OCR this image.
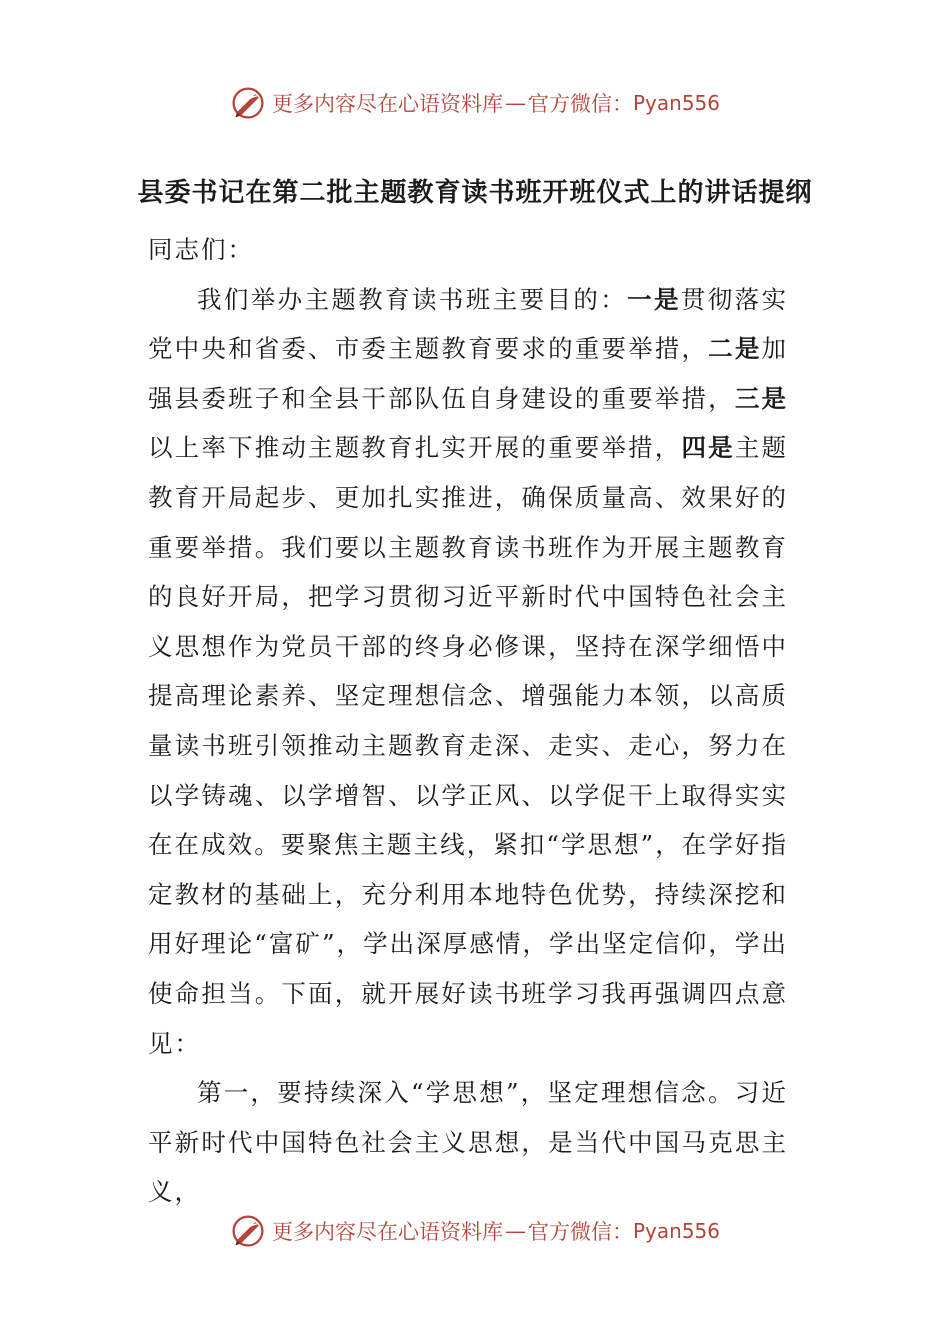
更多内容尽在心语资料库 — 官方微信： Pyan556
县委书记在第二批主题教育读书班开班仪式上的讲话提纲

同志们：

我们举办主题教育读书班主要目的：一是贯彻落实党中央和省委、市委主题教育要求的重要举措，二是加强县委班子和全县干部队伍自身建设的重要举措，三是以上率下推动主题教育扎实开展的重要举措，四是主题教育开局起步、更加扎实推进，确保质量高、效果好的重要举措。我们要以主题教育读书班作为开展主题教育的良好开局，把学习贯彻习近平新时代中国特色社会主义思想作为党员干部的终身必修课，坚持在深学细悟中提高理论素养、坚定理想信念、增强能力本领，以高质量读书班引领推动主题教育走深、走实、走心，努力在以学铸魂、以学增智、以学正风、以学促干上取得实实在在成效。要聚焦主题主线，紧扣“学思想”，在学好指定教材的基础上，充分利用本地特色优势，持续深挖和用好理论“富矿”，学出深厚感情，学出坚定信仰，学出使命担当。下面，就开展好读书班学习我再强调四点意见：

第一，要持续深入“学思想”，坚定理想信念。习近平新时代中国特色社会主义思想，是当代中国马克思主义，

更多内容尽在心语资料库 — 官方微信： Pyan556
